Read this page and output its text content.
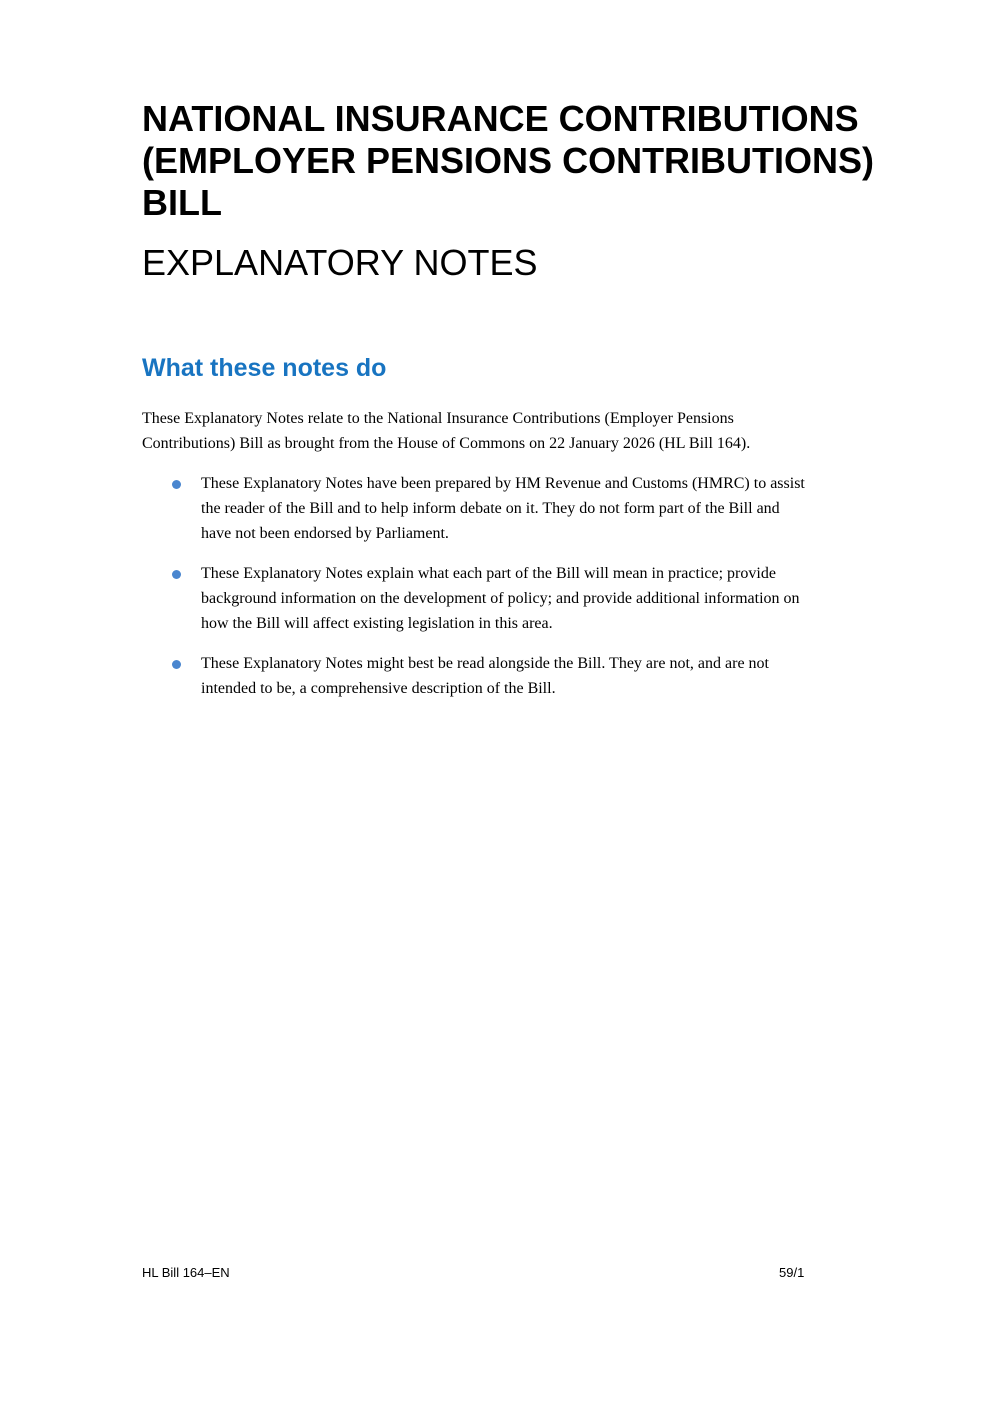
NATIONAL INSURANCE CONTRIBUTIONS
(EMPLOYER PENSIONS CONTRIBUTIONS)
BILL
EXPLANATORY NOTES
What these notes do

These Explanatory Notes relate to the National Insurance Contributions (Employer Pensions
Contributions) Bill as brought from the House of Commons on 22 January 2026 (HL Bill 164).

These Explanatory Notes have been prepared by HM Revenue and Customs (HMRC) to assist
the reader of the Bill and to help inform debate on it. They do not form part of the Bill and
have not been endorsed by Parliament.
These Explanatory Notes explain what each part of the Bill will mean in practice; provide
background information on the development of policy; and provide additional information on
how the Bill will affect existing legislation in this area.
These Explanatory Notes might best be read alongside the Bill. They are not, and are not
intended to be, a comprehensive description of the Bill.
HL Bill 164–EN	59/1
